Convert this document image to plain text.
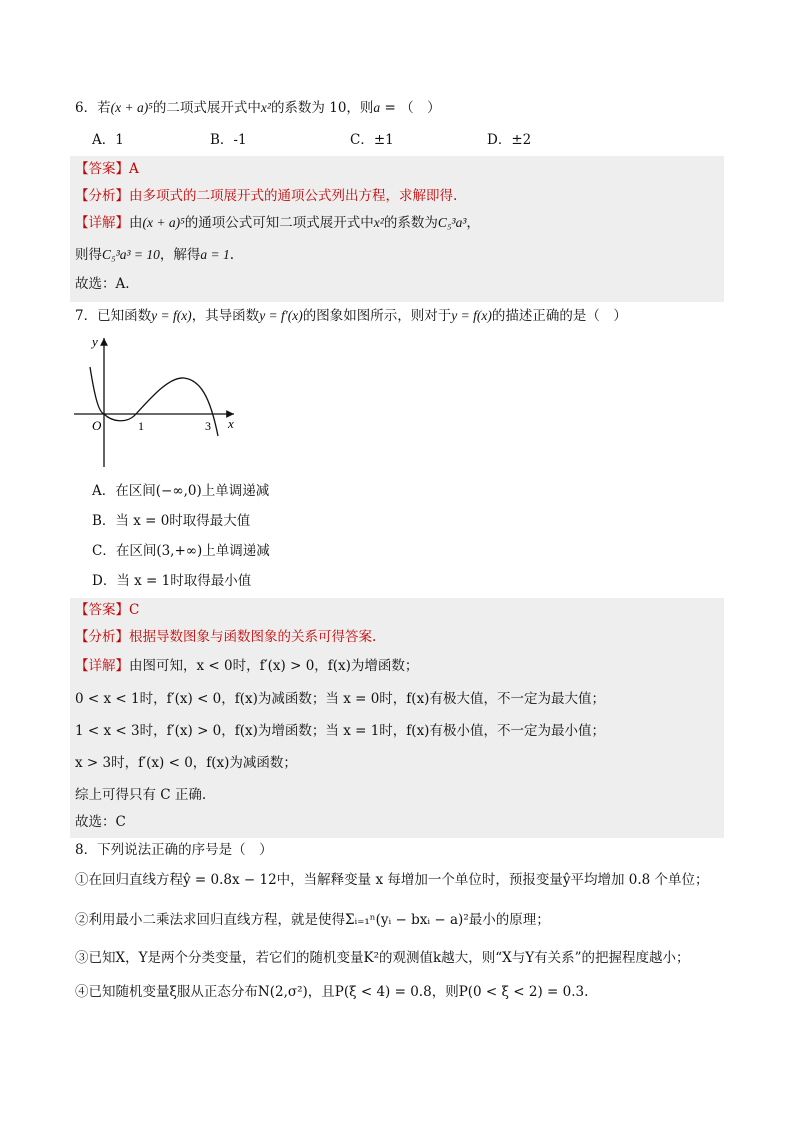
6．若(x + a)⁵的二项式展开式中x²的系数为 10，则a = （　）
A．1	B．-1	C．±1	D．±2
【答案】A
【分析】由多项式的二项展开式的通项公式列出方程，求解即得.
【详解】由(x + a)⁵的通项公式可知二项式展开式中x²的系数为C₅³a³，
则得C₅³a³ = 10，解得a = 1.
故选：A.
7．已知函数y = f(x)，其导函数y = f′(x)的图象如图所示，则对于y = f(x)的描述正确的是（　）
y
x
O	1	3
A．在区间(−∞,0)上单调递减
B．当 x = 0时取得最大值
C．在区间(3,+∞)上单调递减
D．当 x = 1时取得最小值
【答案】C
【分析】根据导数图象与函数图象的关系可得答案.
【详解】由图可知，x < 0时，f′(x) > 0，f(x)为增函数；
0 < x < 1时，f′(x) < 0，f(x)为减函数；当 x = 0时，f(x)有极大值，不一定为最大值；
1 < x < 3时，f′(x) > 0，f(x)为增函数；当 x = 1时，f(x)有极小值，不一定为最小值；
x > 3时，f′(x) < 0，f(x)为减函数；
综上可得只有 C 正确.
故选：C
8．下列说法正确的序号是（　）
①在回归直线方程ŷ = 0.8x − 12中，当解释变量 x 每增加一个单位时，预报变量ŷ平均增加 0.8 个单位；
②利用最小二乘法求回归直线方程，就是使得Σᵢ₌₁ⁿ(yᵢ − bxᵢ − a)²最小的原理；
③已知X，Y是两个分类变量，若它们的随机变量K²的观测值k越大，则“X与Y有关系”的把握程度越小；
④已知随机变量ξ服从正态分布N(2,σ²)，且P(ξ < 4) = 0.8，则P(0 < ξ < 2) = 0.3.
